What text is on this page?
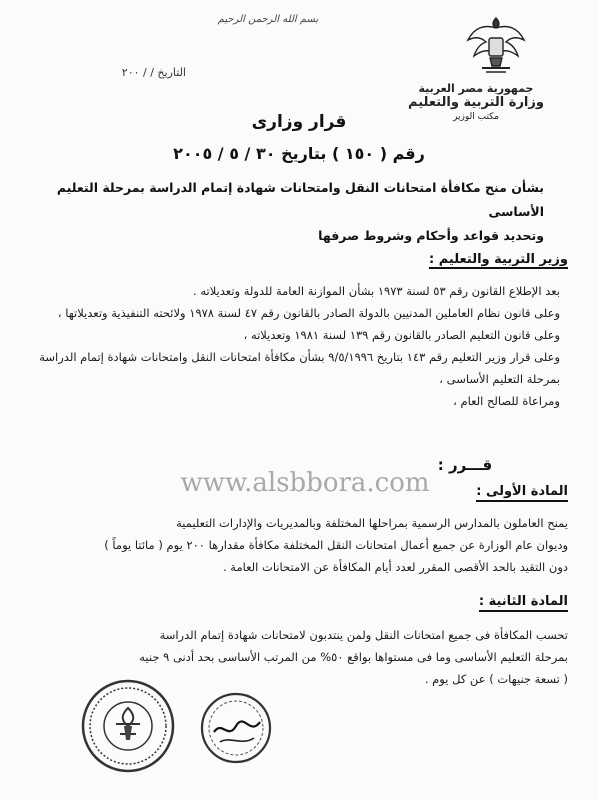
بسم الله الرحمن الرحيم
التاريخ / / ٢٠٠
جمهورية مصر العربية
وزارة التربية والتعليم
مكتب الوزير
قرار وزارى
رقم ( ١٥٠ ) بتاريخ ٣٠ / ٥ / ٢٠٠٥
بشأن منح مكافأة امتحانات النقل وامتحانات شهادة إتمام الدراسة بمرحلة التعليم الأساسى
وتحديد قواعد وأحكام وشروط صرفها
وزير التربية والتعليم :

بعد الإطلاع القانون رقم ٥٣ لسنة ١٩٧٣ بشأن الموازنة العامة للدولة وتعديلاته .

وعلى قانون نظام العاملين المدنيين بالدولة الصادر بالقانون رقم ٤٧ لسنة ١٩٧٨ ولائحته التنفيذية وتعديلاتها ،

وعلى قانون التعليم الصادر بالقانون رقم ١٣٩ لسنة ١٩٨١ وتعديلاته ،

وعلى قرار وزير التعليم رقم ١٤٣ بتاريخ ٩/٥/١٩٩٦ بشأن مكافأة امتحانات النقل وامتحانات شهادة إتمام الدراسة بمرحلة التعليم الأساسى ،

ومراعاة للصالح العام ،

قـــرر :
www.alsbbora.com	المادة الأولى :

يمنح العاملون بالمدارس الرسمية بمراحلها المختلفة وبالمديريات والإدارات التعليمية

وديوان عام الوزارة عن جميع أعمال امتحانات النقل المختلفة مكافأة مقدارها ٢٠٠ يوم ( مائتا يوماً )

دون التقيد بالحد الأقصى المقرر لعدد أيام المكافأة عن الامتحانات العامة .

المادة الثانية :

تحسب المكافأة فى جميع امتحانات النقل ولمن ينتدبون لامتحانات شهادة إتمام الدراسة

بمرحلة التعليم الأساسى وما فى مستواها بواقع ٥٠% من المرتب الأساسى بحد أدنى ٩ جنيه

( تسعة جنيهات ) عن كل يوم .
